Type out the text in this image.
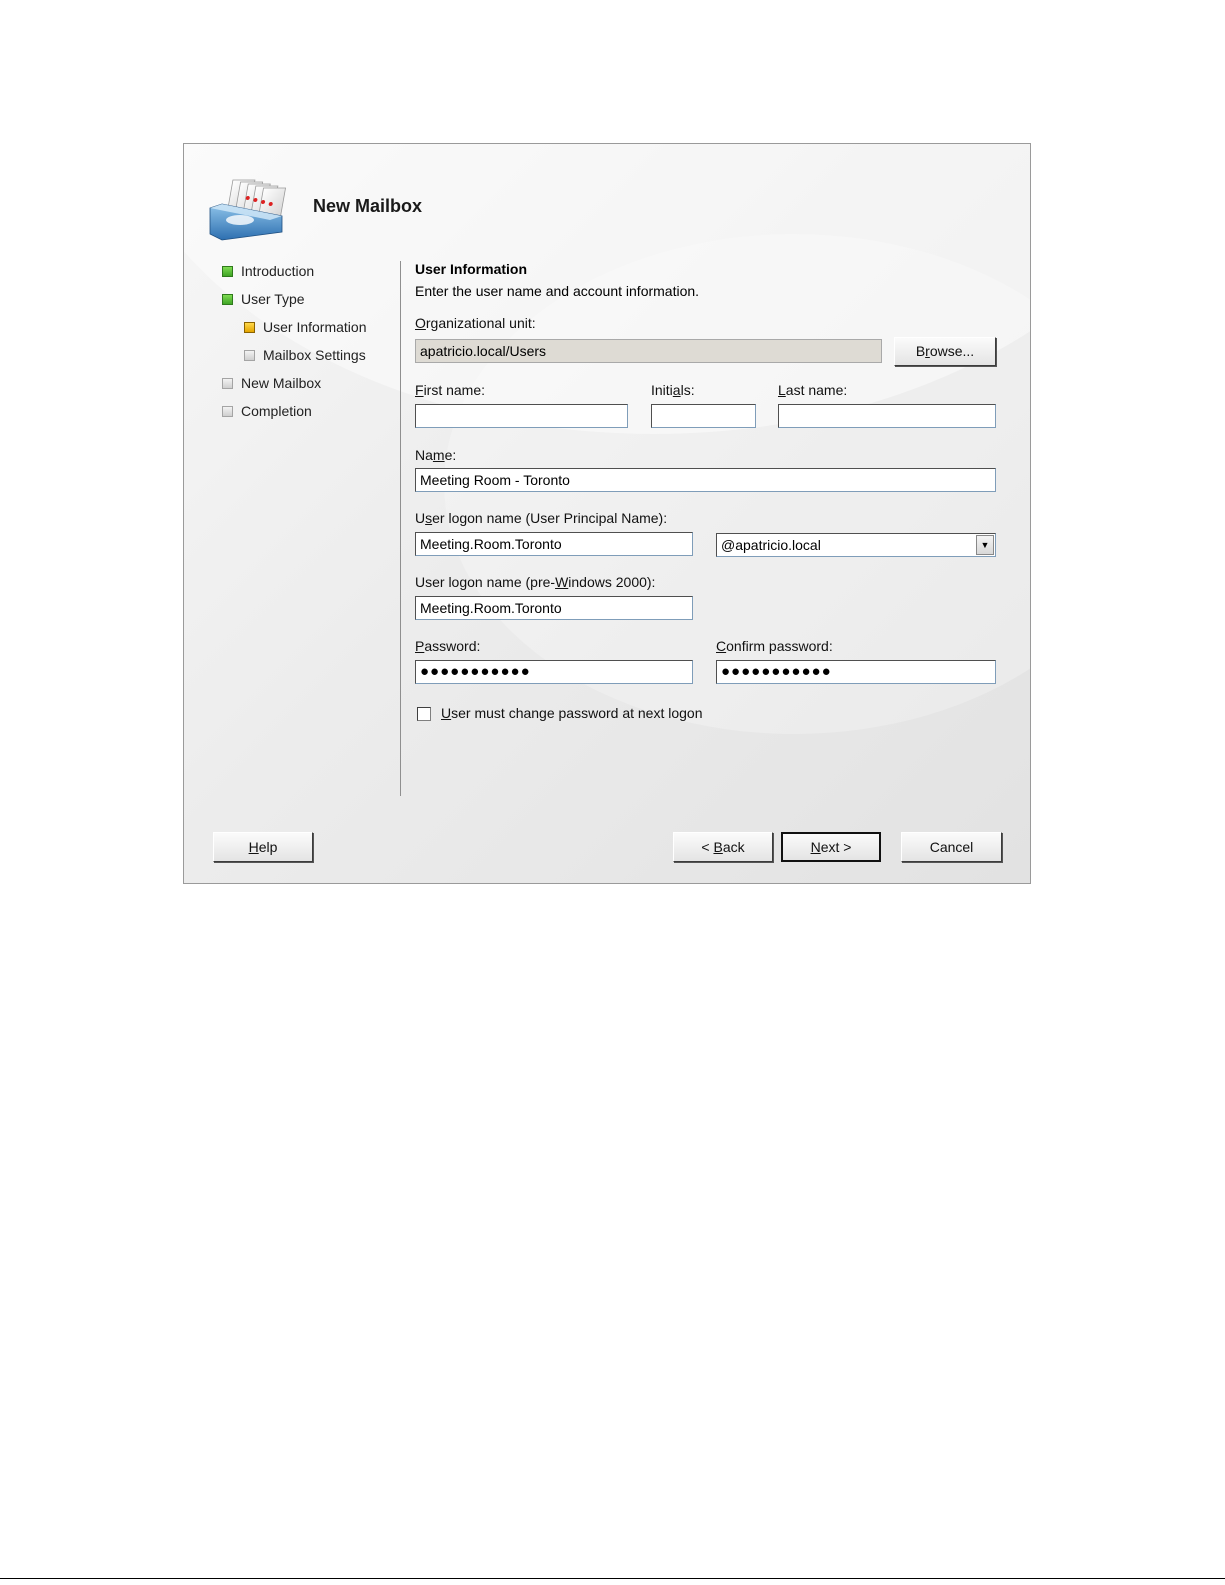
New Mailbox
Introduction
User Type
User Information
Mailbox Settings
New Mailbox
Completion
User Information
Enter the user name and account information.
Organizational unit:
apatricio.local/Users	Browse...
First name:	Initials:	Last name:
Name:
Meeting Room - Toronto
User logon name (User Principal Name):
Meeting.Room.Toronto	@apatricio.local	▼
User logon name (pre-Windows 2000):
Meeting.Room.Toronto
Password:
●●●●●●●●●●●
Confirm password:
●●●●●●●●●●●
User must change password at next logon
Help	< Back	Next >	Cancel
